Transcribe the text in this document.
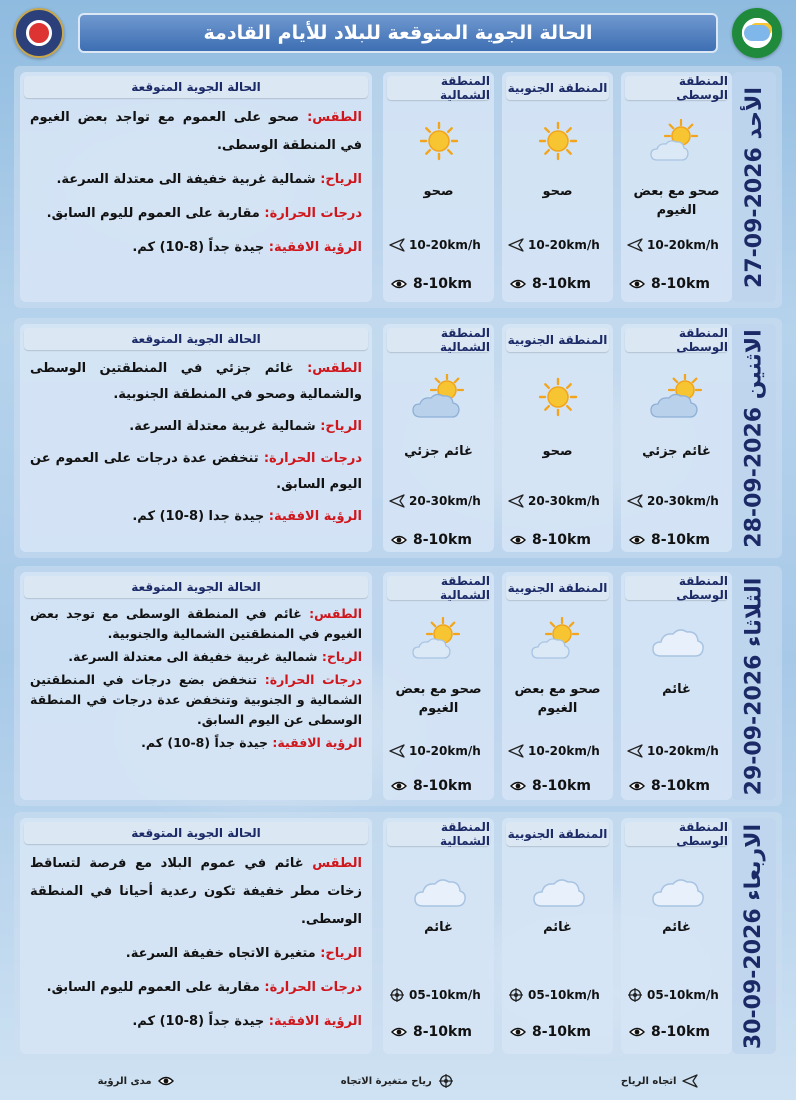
الحالة الجوية المتوقعة للبلاد للأيام القادمة
الأحد 2026-09-27
المنطقة الوسطى
صحو مع بعض الغيوم
10-20km/h
8-10km
المنطقة الجنوبية
صحو
10-20km/h
8-10km
المنطقة الشمالية
صحو
10-20km/h
8-10km
الحالة الجوية المتوقعة
الطقس: صحو على العموم مع تواجد بعض الغيوم في المنطقة الوسطى.
الرياح: شمالية غربية خفيفة الى معتدلة السرعة.
درجات الحرارة: مقاربة على العموم لليوم السابق.
الرؤية الافقية: جيدة جداً (8-10) كم.
الاثنين 2026-09-28
المنطقة الوسطى
غائم جزئي
20-30km/h
8-10km
المنطقة الجنوبية
صحو
20-30km/h
8-10km
المنطقة الشمالية
غائم جزئي
20-30km/h
8-10km
الحالة الجوية المتوقعة
الطقس: غائم جزئي في المنطقتين الوسطى والشمالية وصحو في المنطقة الجنوبية.
الرياح: شمالية غربية معتدلة السرعة.
درجات الحرارة: تنخفض عدة درجات على العموم عن اليوم السابق.
الرؤية الافقية: جيدة جدا (8-10) كم.
الثلاثاء 2026-09-29
المنطقة الوسطى
غائم
10-20km/h
8-10km
المنطقة الجنوبية
صحو مع بعض الغيوم
10-20km/h
8-10km
المنطقة الشمالية
صحو مع بعض الغيوم
10-20km/h
8-10km
الحالة الجوية المتوقعة
الطقس: غائم في المنطقة الوسطى مع توجد بعض الغيوم في المنطقتين الشمالية والجنوبية.
الرياح: شمالية غربية خفيفة الى معتدلة السرعة.
درجات الحرارة: تنخفض بضع درجات في المنطقتين الشمالية و الجنوبية وتنخفض عدة درجات في المنطقة الوسطى عن اليوم السابق.
الرؤية الافقية: جيدة جداً (8-10) كم.
الاربعاء 2026-09-30
المنطقة الوسطى
غائم
05-10km/h
8-10km
المنطقة الجنوبية
غائم
05-10km/h
8-10km
المنطقة الشمالية
غائم
05-10km/h
8-10km
الحالة الجوية المتوقعة
الطقس غائم في عموم البلاد مع فرصة لتساقط زخات مطر خفيفة تكون رعدية أحيانا في المنطقة الوسطى.
الرياح: متغيرة الاتجاه خفيفة السرعة.
درجات الحرارة: مقاربة على العموم لليوم السابق.
الرؤية الافقية: جيدة جداً (8-10) كم.
اتجاه الرياح
رياح متغيرة الاتجاه
مدى الرؤية
